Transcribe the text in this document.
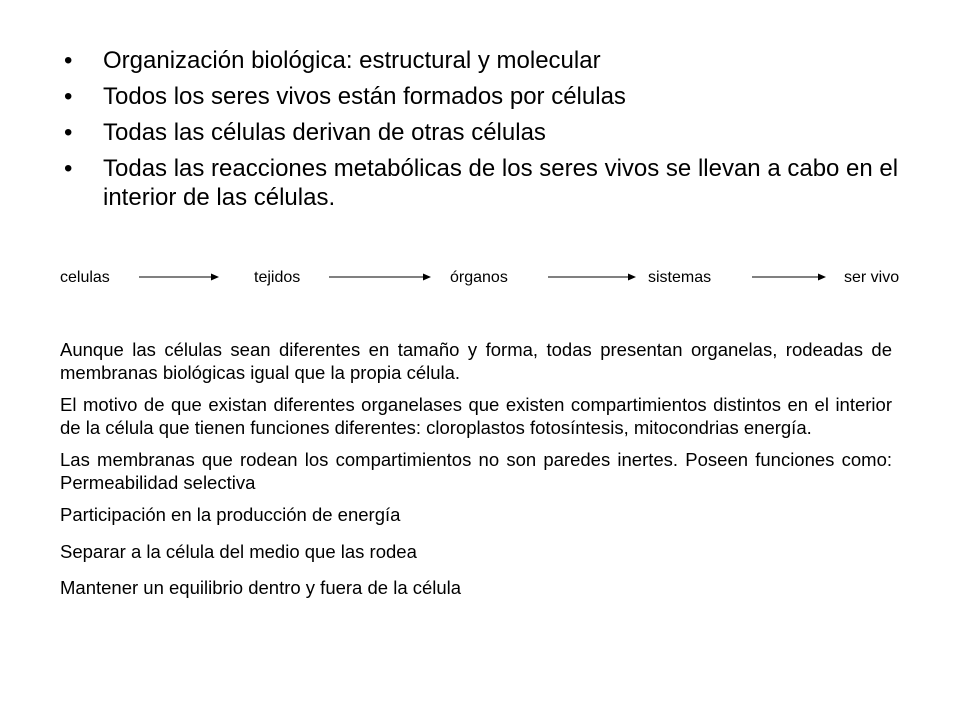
• Organización biológica: estructural y molecular
• Todos los seres vivos están formados por células
• Todas las células derivan de otras células
• Todas las reacciones metabólicas de los seres vivos se llevan a cabo en el interior de las células.
celulas	tejidos	órganos	sistemas	ser vivo

Aunque las células sean diferentes en tamaño y forma, todas presentan organelas, rodeadas de membranas biológicas igual que la propia célula.

El motivo de que existan diferentes organelases que existen compartimientos distintos en el interior de la célula que tienen funciones diferentes: cloroplastos fotosíntesis, mitocondrias energía.

Las membranas que rodean los compartimientos no son paredes inertes. Poseen funciones como: Permeabilidad selectiva

Participación en la producción de energía

Separar a la célula del medio que las rodea

Mantener un equilibrio dentro y fuera de la célula
